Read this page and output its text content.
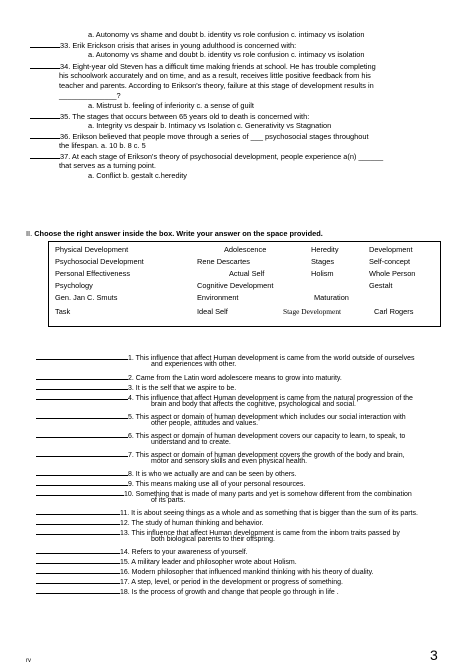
a. Autonomy vs shame and doubt b. identity vs role confusion c. intimacy vs isolation
33. Erik Erickson crisis that arises in young adulthood is concerned with:
a. Autonomy vs shame and doubt b. identity vs role confusion c. intimacy vs isolation
34. Eight-year old Steven has a difficult time making friends at school. He has trouble completing
his schoolwork accurately and on time, and as a result, receives little positive feedback from his
teacher and parents. According to Erikson's theory, failure at this stage of development results in
______________?
a. Mistrust b. feeling of inferiority c. a sense of guilt
35. The stages that occurs between 65 years old to death is concerned with:
a. Integrity vs despair b. Intimacy vs Isolation c. Generativity vs Stagnation
36. Erikson believed that people move through a series of ___ psychosocial stages throughout
the lifespan. a. 10 b. 8 c. 5
37. At each stage of Erikson's theory of psychosocial development, people experience a(n) ______
that serves as a turning point.
a. Conflict b. gestalt c.heredity
II. Choose the right answer inside the box. Write your answer on the space provided.
Physical Development	Adolescence	Heredity	Development
Psychosocial Development	Rene Descartes	Stages	Self-concept
Personal Effectiveness	Actual Self	Holism	Whole Person
Psychology	Cognitive Development	Gestalt
Gen. Jan C. Smuts	Environment	Maturation
Task	Ideal Self	Stage Development	Carl Rogers
1. This influence that affect Human development is came from the world outside of ourselves
and experiences with other.
2. Came from the Latin word adolescere means to grow into maturity.
3. It is the self that we aspire to be.
4. This influence that affect Human development is came from the natural progression of the
brain and body that affects the cognitive, psychological and social.
5. This aspect or domain of human development which includes our social interaction with
other people, attitudes and values.
6. This aspect or domain of human development covers our capacity to learn, to speak, to
understand and to create.
7. This aspect or domain of human development covers the growth of the body and brain,
motor and sensory skills and even physical health.
8. It is who we actually are and can be seen by others.
9. This means making use all of your personal resources.
10. Something that is made of many parts and yet is somehow different from the combination
of its parts.
11. It is about seeing things as a whole and as something that is bigger than the sum of its parts.
12. The study of human thinking and behavior.
13. This influence that affect Human development is came from the inborn traits passed by
both biological parents to their offspring.
14. Refers to your awareness of yourself.
15. A military leader and philosopher wrote about Holism.
16. Modern philosopher that influenced mankind thinking with his theory of duality.
17. A step, level, or period in the development or progress of something.
18. Is the process of growth and change that people go through in life .
3
rv
